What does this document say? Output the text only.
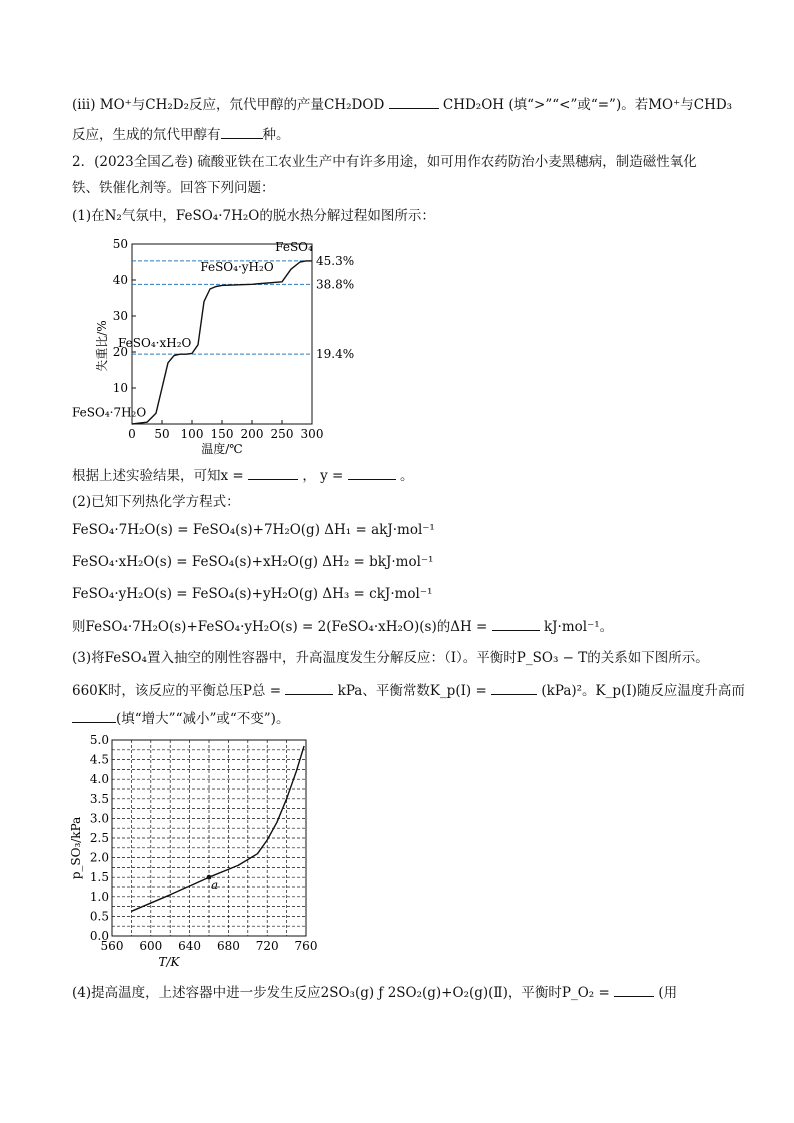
(iii) MO⁺与CH₂D₂反应，氘代甲醇的产量CH₂DOD	CHD₂OH (填“>”“<”或“=”)。若MO⁺与CHD₃
反应，生成的氘代甲醇有	种。
2．(2023全国乙卷) 硫酸亚铁在工农业生产中有许多用途，如可用作农药防治小麦黑穗病，制造磁性氧化
铁、铁催化剂等。回答下列问题：
(1)在N₂气氛中，FeSO₄·7H₂O的脱水热分解过程如图所示：
45.3%
38.8%
19.4%
0 50 100 150 200 250 300
10
20
30
40
50
温度/℃
失重比/%
FeSO₄
FeSO₄·yH₂O
FeSO₄·xH₂O
FeSO₄·7H₂O
根据上述实验结果，可知x =	， y =	。
(2)已知下列热化学方程式：
FeSO₄·7H₂O(s) = FeSO₄(s)+7H₂O(g) ΔH₁ = akJ·mol⁻¹
FeSO₄·xH₂O(s) = FeSO₄(s)+xH₂O(g) ΔH₂ = bkJ·mol⁻¹
FeSO₄·yH₂O(s) = FeSO₄(s)+yH₂O(g) ΔH₃ = ckJ·mol⁻¹
则FeSO₄·7H₂O(s)+FeSO₄·yH₂O(s) = 2(FeSO₄·xH₂O)(s)的ΔH =	kJ·mol⁻¹。
(3)将FeSO₄置入抽空的刚性容器中，升高温度发生分解反应：（I）。平衡时P_SO₃ − T的关系如下图所示。
660K时，该反应的平衡总压P总 =	kPa、平衡常数K_p(I) =	(kPa)²。K_p(I)随反应温度升高而
(填“增大”“减小”或“不变”)。
a
560 600 640 680 720 760
0.0
0.5
1.0
1.5
2.0
2.5
3.0
3.5
4.0
4.5
5.0
T/K
p_SO₃/kPa
(4)提高温度，上述容器中进一步发生反应2SO₃(g) ƒ 2SO₂(g)+O₂(g)(Ⅱ)，平衡时P_O₂ =	(用
